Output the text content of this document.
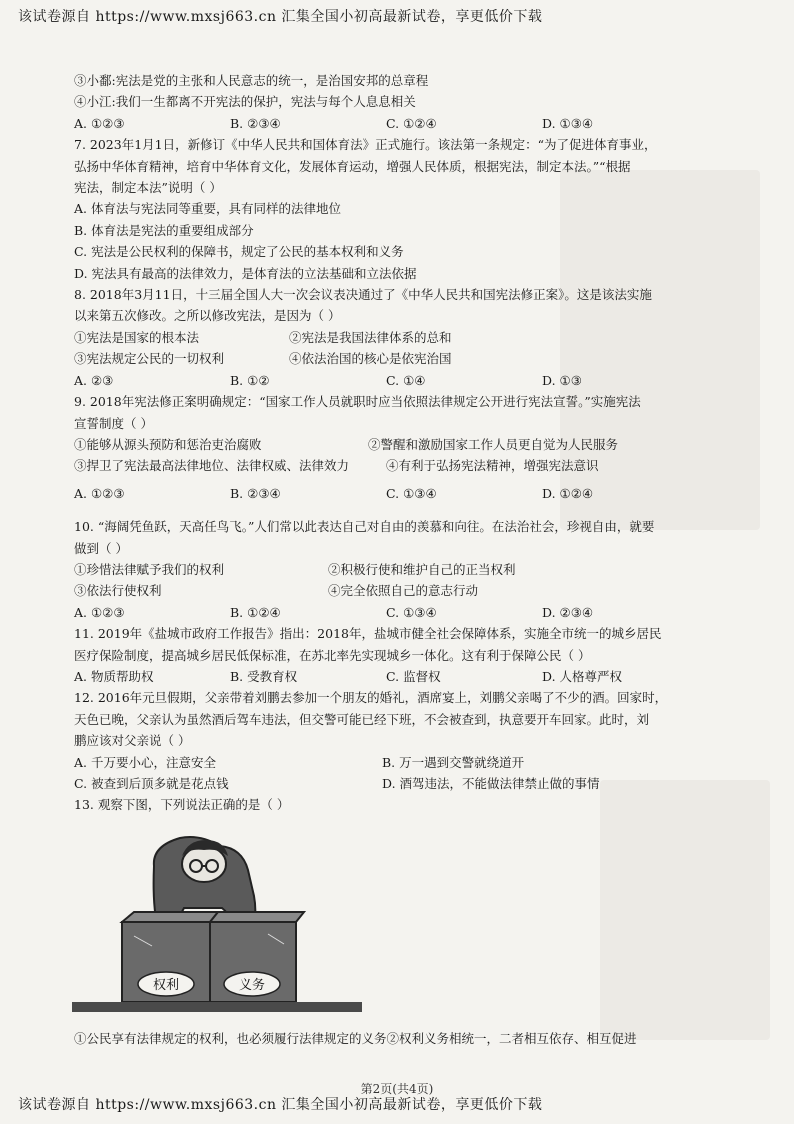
该试卷源自 https://www.mxsj663.cn 汇集全国小初高最新试卷，享更低价下载
③小鄱:宪法是党的主张和人民意志的统一，是治国安邦的总章程
④小江:我们一生都离不开宪法的保护，宪法与每个人息息相关
A. ①②③	B. ②③④	C. ①②④	D. ①③④
7. 2023年1月1日，新修订《中华人民共和国体育法》正式施行。该法第一条规定：“为了促进体育事业，
弘扬中华体育精神，培育中华体育文化，发展体育运动，增强人民体质，根据宪法，制定本法。”“根据
宪法，制定本法”说明（ ）
A. 体育法与宪法同等重要，具有同样的法律地位
B. 体育法是宪法的重要组成部分
C. 宪法是公民权利的保障书，规定了公民的基本权利和义务
D. 宪法具有最高的法律效力，是体育法的立法基础和立法依据
8. 2018年3月11日，十三届全国人大一次会议表决通过了《中华人民共和国宪法修正案》。这是该法实施
以来第五次修改。之所以修改宪法，是因为（ ）
①宪法是国家的根本法	②宪法是我国法律体系的总和
③宪法规定公民的一切权利	④依法治国的核心是依宪治国
A. ②③	B. ①②	C. ①④	D. ①③
9. 2018年宪法修正案明确规定：“国家工作人员就职时应当依照法律规定公开进行宪法宣誓。”实施宪法
宣誓制度（ ）
①能够从源头预防和惩治吏治腐败	②警醒和激励国家工作人员更自觉为人民服务
③捍卫了宪法最高法律地位、法律权威、法律效力	④有利于弘扬宪法精神，增强宪法意识
A. ①②③	B. ②③④	C. ①③④	D. ①②④
10. “海阔凭鱼跃，天高任鸟飞。”人们常以此表达自己对自由的羡慕和向往。在法治社会，珍视自由，就要
做到（ ）
①珍惜法律赋予我们的权利	②积极行使和维护自己的正当权利
③依法行使权利	④完全依照自己的意志行动
A. ①②③	B. ①②④	C. ①③④	D. ②③④
11. 2019年《盐城市政府工作报告》指出：2018年，盐城市健全社会保障体系，实施全市统一的城乡居民
医疗保险制度，提高城乡居民低保标准，在苏北率先实现城乡一体化。这有利于保障公民（ ）
A. 物质帮助权	B. 受教育权	C. 监督权	D. 人格尊严权
12. 2016年元旦假期，父亲带着刘鹏去参加一个朋友的婚礼，酒席宴上，刘鹏父亲喝了不少的酒。回家时，
天色已晚，父亲认为虽然酒后驾车违法，但交警可能已经下班，不会被查到，执意要开车回家。此时，刘
鹏应该对父亲说（ ）
A. 千万要小心，注意安全	B. 万一遇到交警就绕道开
C. 被查到后顶多就是花点钱	D. 酒驾违法，不能做法律禁止做的事情
13. 观察下图，下列说法正确的是（ ）
权利	义务
①公民享有法律规定的权利，也必须履行法律规定的义务②权利义务相统一，二者相互依存、相互促进
第2页(共4页)
该试卷源自 https://www.mxsj663.cn 汇集全国小初高最新试卷，享更低价下载
